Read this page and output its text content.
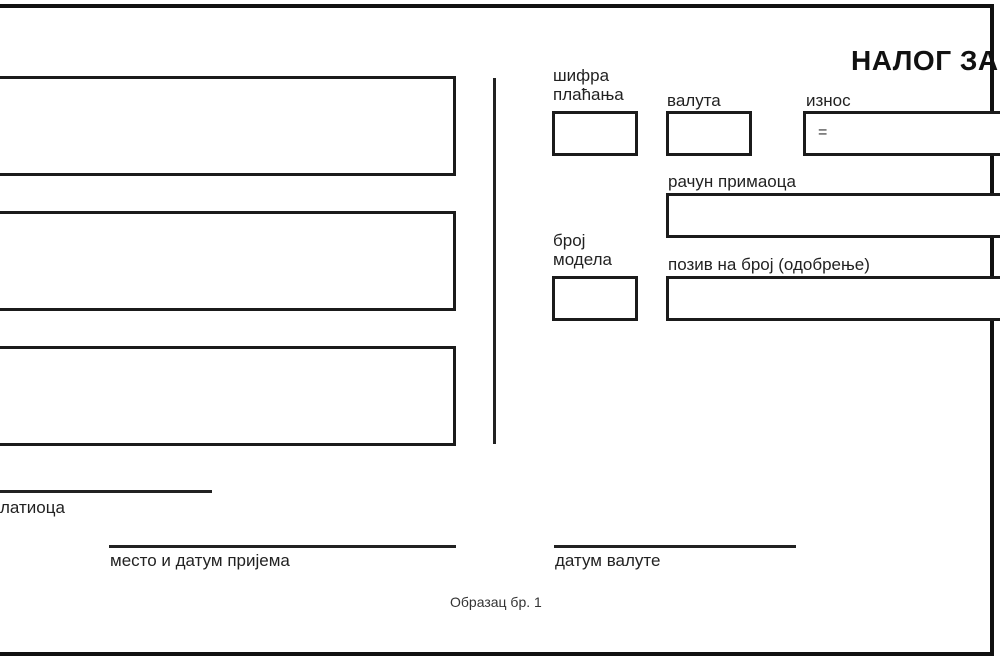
НАЛОГ ЗА
шифра
плаћања	валута	износ
=
рачун примаоца
број
модела	позив на број (одобрење)
латиоца
место и датум пријема	датум валуте
Образац бр. 1
